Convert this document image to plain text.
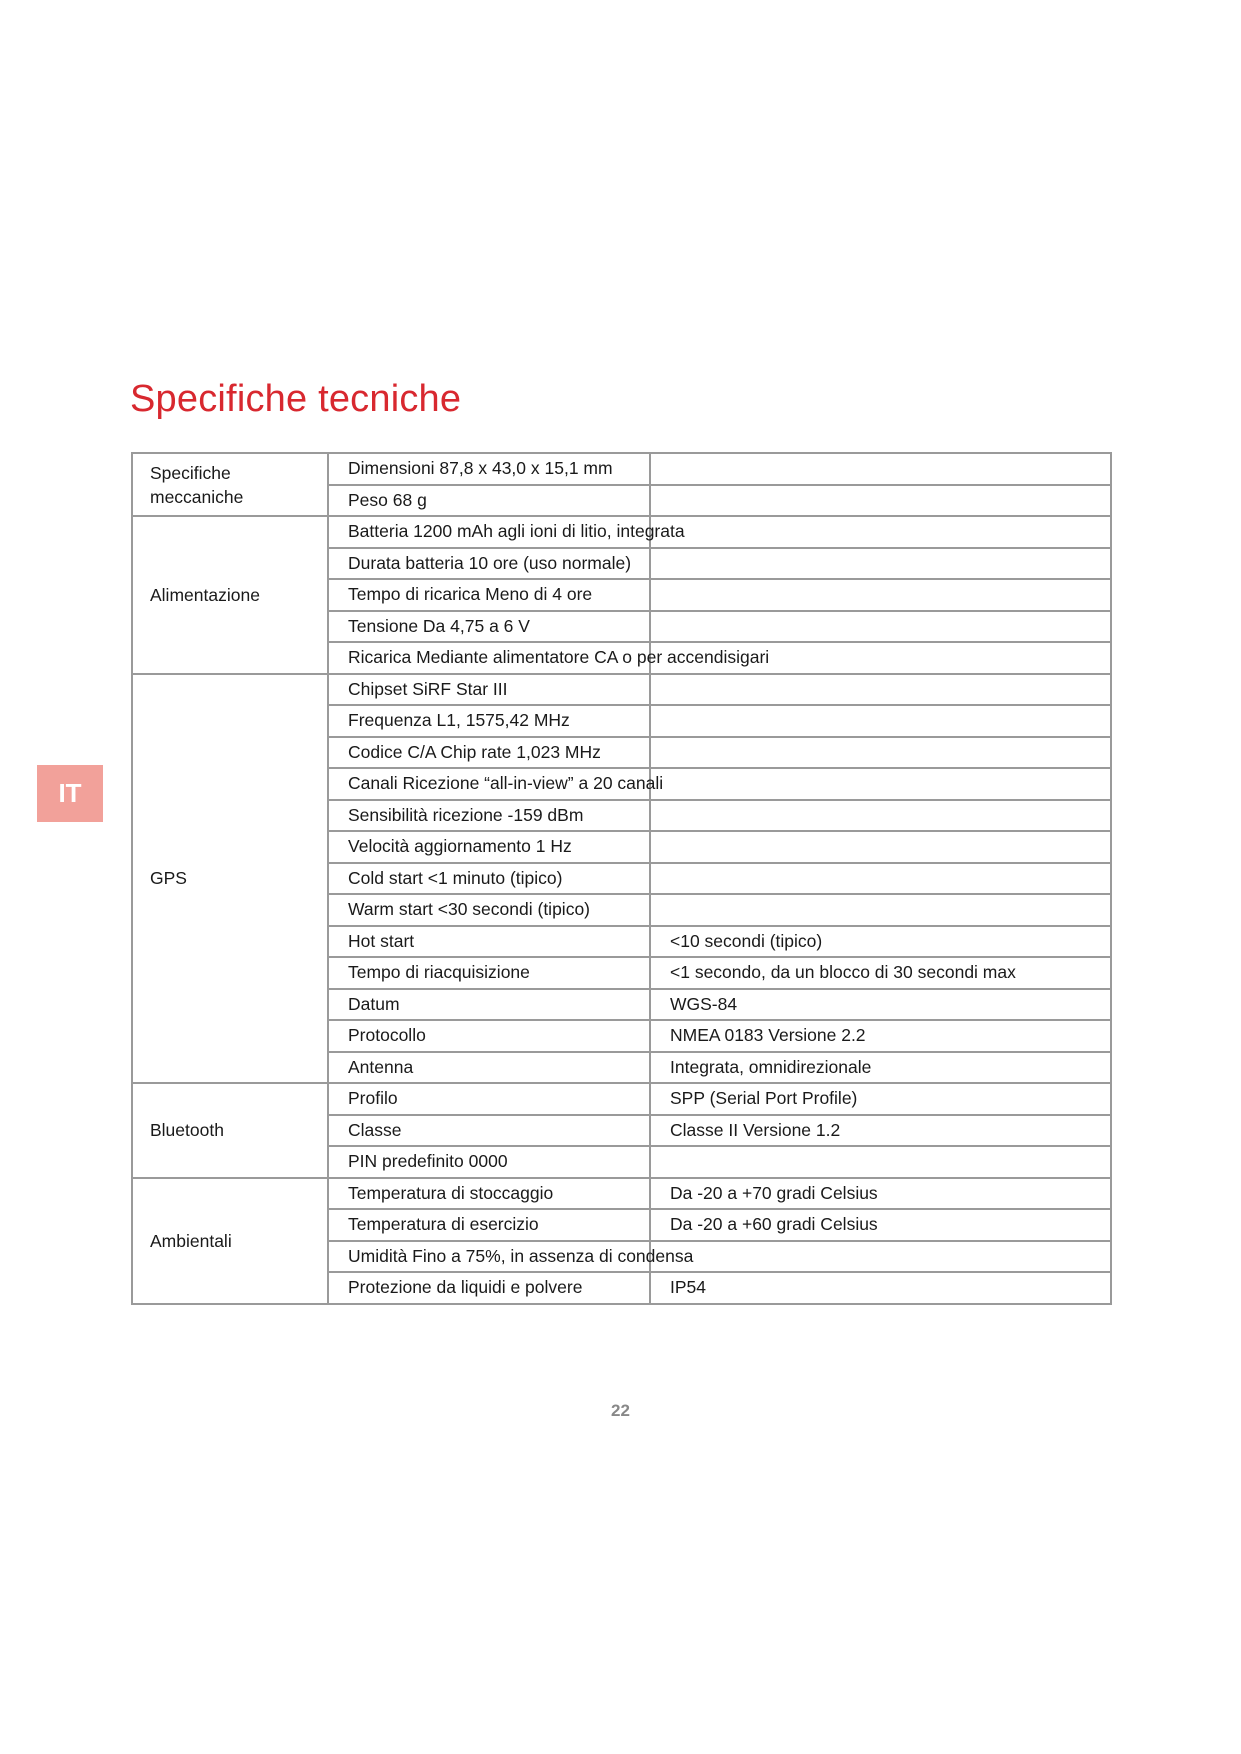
Specifiche tecniche
IT
Specifiche meccaniche	Dimensioni 87,8 x 43,0 x 15,1 mm	
	Peso 68 g	
Alimentazione	Batteria 1200 mAh agli ioni di litio, integrata	
	Durata batteria 10 ore (uso normale)	
	Tempo di ricarica Meno di 4 ore	
	Tensione Da 4,75 a 6 V	
	Ricarica Mediante alimentatore CA o per accendisigari	
GPS	Chipset SiRF Star III	
	Frequenza L1, 1575,42 MHz	
	Codice C/A Chip rate 1,023 MHz	
	Canali Ricezione “all-in-view” a 20 canali	
	Sensibilità ricezione -159 dBm	
	Velocità aggiornamento 1 Hz	
	Cold start <1 minuto (tipico)	
	Warm start <30 secondi (tipico)	
	Hot start	<10 secondi (tipico)
	Tempo di riacquisizione	<1 secondo, da un blocco di 30 secondi max
	Datum	WGS-84
	Protocollo	NMEA 0183 Versione 2.2
	Antenna	Integrata, omnidirezionale
Bluetooth	Profilo	SPP (Serial Port Profile)
	Classe	Classe II Versione 1.2
	PIN predefinito 0000	
Ambientali	Temperatura di stoccaggio	Da -20 a +70 gradi Celsius
	Temperatura di esercizio	Da -20 a +60 gradi Celsius
	Umidità Fino a 75%, in assenza di condensa	
	Protezione da liquidi e polvere	IP54
22
